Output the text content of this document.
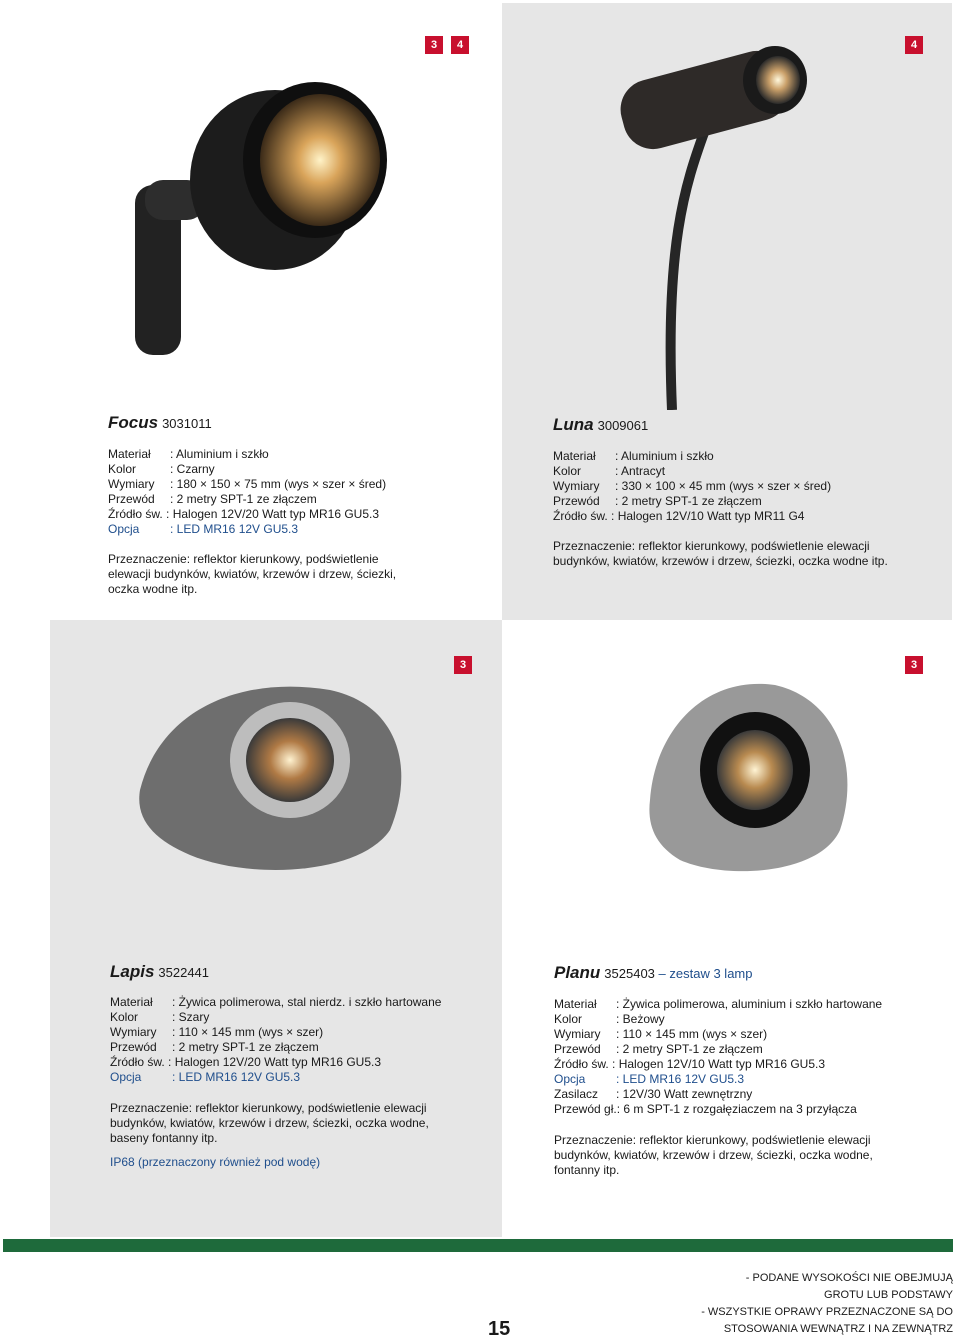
3	4	4
3	3
Focus 3031011
Materiał : Aluminium i szkło
Kolor	: Czarny
Wymiary : 180 × 150 × 75 mm (wys × szer × śred)
Przewód : 2 metry SPT-1 ze złączem
Źródło św. : Halogen 12V/20 Watt typ MR16 GU5.3
Opcja	: LED MR16 12V GU5.3
Przeznaczenie: reflektor kierunkowy, podświetlenie elewacji budynków, kwiatów, krzewów i drzew, ściezki, oczka wodne itp.
Luna 3009061
Materiał : Aluminium i szkło
Kolor	: Antracyt
Wymiary : 330 × 100 × 45 mm (wys × szer × śred)
Przewód : 2 metry SPT-1 ze złączem
Źródło św. : Halogen 12V/10 Watt typ MR11 G4
Przeznaczenie: reflektor kierunkowy, podświetlenie elewacji budynków, kwiatów, krzewów i drzew, ściezki, oczka wodne itp.
Lapis 3522441
Materiał : Żywica polimerowa, stal nierdz. i szkło hartowane
Kolor	: Szary
Wymiary : 110 × 145 mm (wys × szer)
Przewód : 2 metry SPT-1 ze złączem
Źródło św. : Halogen 12V/20 Watt typ MR16 GU5.3
Opcja	: LED MR16 12V GU5.3
Przeznaczenie: reflektor kierunkowy, podświetlenie elewacji budynków, kwiatów, krzewów i drzew, ściezki, oczka wodne, baseny fontanny itp.
IP68 (przeznaczony również pod wodę)
Planu 3525403 – zestaw 3 lamp
Materiał : Żywica polimerowa, aluminium i szkło hartowane
Kolor	: Beżowy
Wymiary : 110 × 145 mm (wys × szer)
Przewód : 2 metry SPT-1 ze złączem
Źródło św. : Halogen 12V/10 Watt typ MR16 GU5.3
Opcja	: LED MR16 12V GU5.3
Zasilacz : 12V/30 Watt zewnętrzny
Przewód gł.: 6 m SPT-1 z rozgałęziaczem na 3 przyłącza
Przeznaczenie: reflektor kierunkowy, podświetlenie elewacji budynków, kwiatów, krzewów i drzew, ściezki, oczka wodne, fontanny itp.
15
- PODANE WYSOKOŚCI NIE OBEJMUJĄ
GROTU LUB PODSTAWY
- WSZYSTKIE OPRAWY PRZEZNACZONE SĄ DO
STOSOWANIA WEWNĄTRZ I NA ZEWNĄTRZ
